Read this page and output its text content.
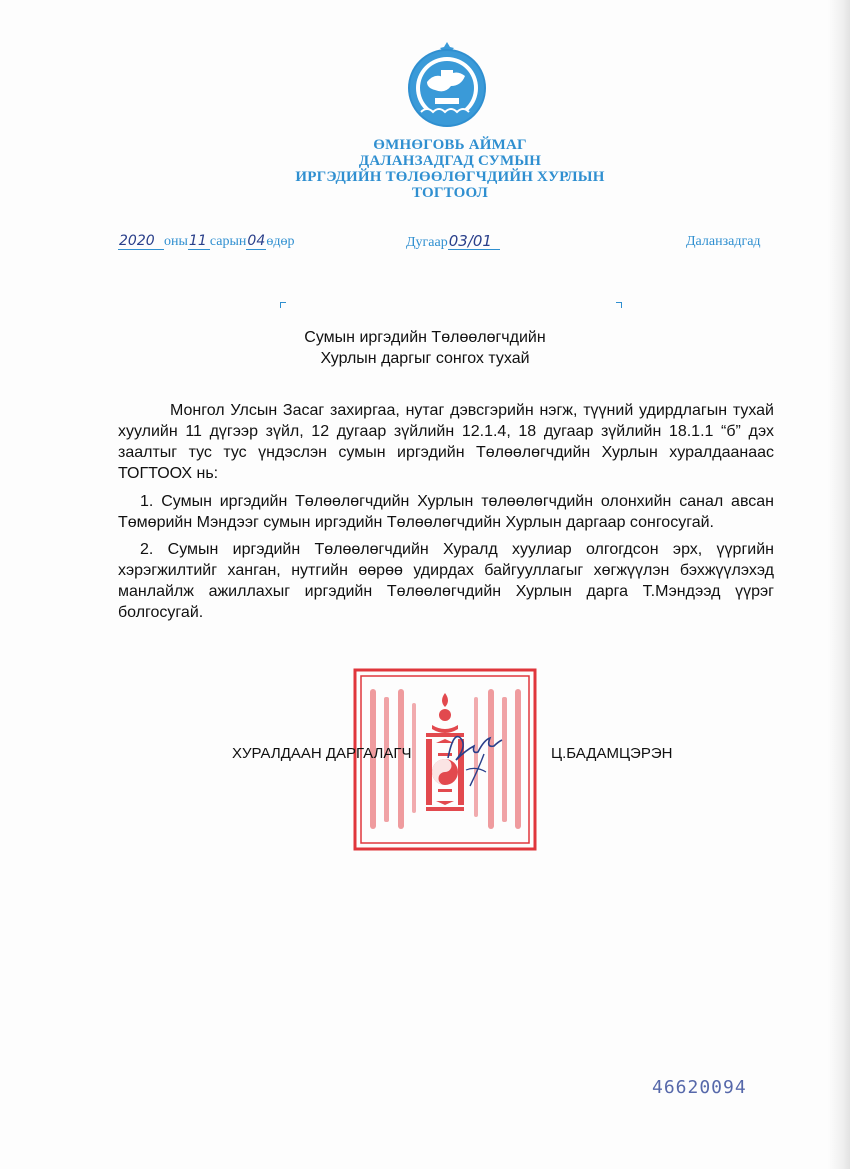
ӨМНӨГОВЬ АЙМАГ
ДАЛАНЗАДГАД СУМЫН
ИРГЭДИЙН ТӨЛӨӨЛӨГЧДИЙН ХУРЛЫН
ТОГТООЛ
2020 оны11 сарын04өдөр	Дугаар03/01	Даланзадгад
Сумын иргэдийн Төлөөлөгчдийн
Хурлын даргыг сонгох тухай
Монгол Улсын Засаг захиргаа, нутаг дэвсгэрийн нэгж, түүний удирдлагын тухай хуулийн 11 дүгээр зүйл, 12 дугаар зүйлийн 12.1.4, 18 дугаар зүйлийн 18.1.1 “б” дэх заалтыг тус тус үндэслэн сумын иргэдийн Төлөөлөгчдийн Хурлын хуралдаанаас ТОГТООХ нь:
1. Сумын иргэдийн Төлөөлөгчдийн Хурлын төлөөлөгчдийн олонхийн санал авсан Төмөрийн Мэндээг сумын иргэдийн Төлөөлөгчдийн Хурлын даргаар сонгосугай.
2. Сумын иргэдийн Төлөөлөгчдийн Хуралд хуулиар олгогдсон эрх, үүргийн хэрэгжилтийг ханган, нутгийн өөрөө удирдах байгууллагыг хөгжүүлэн бэхжүүлэхэд манлайлж ажиллахыг иргэдийн Төлөөлөгчдийн Хурлын дарга Т.Мэндээд үүрэг болгосугай.
ХУРАЛДААН ДАРГАЛАГЧ	Ц.БАДАМЦЭРЭН
46620094
